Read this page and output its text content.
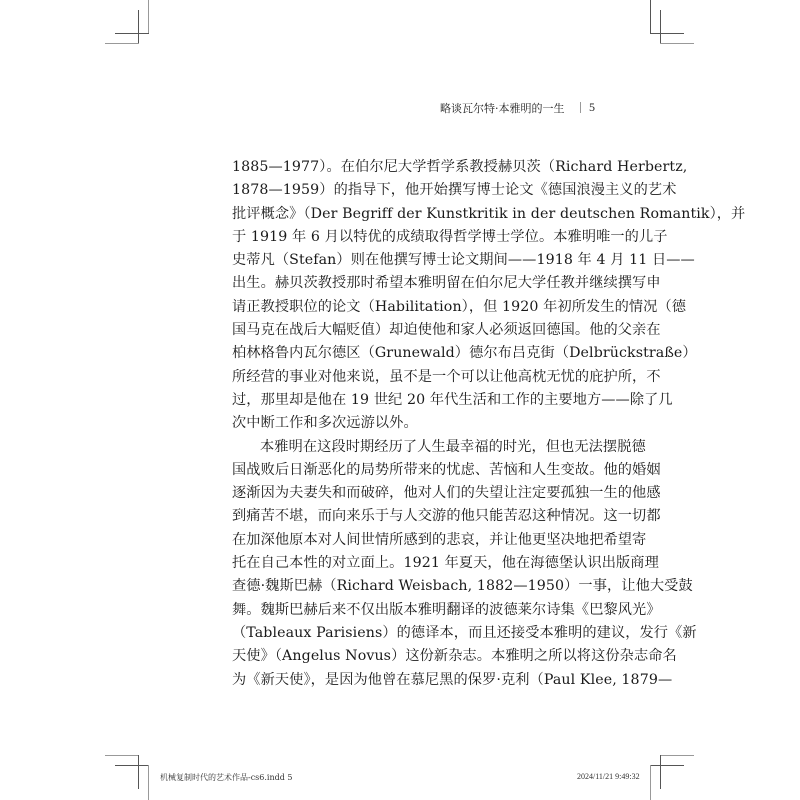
略谈瓦尔特·本雅明的一生 5
1885—1977）。在伯尔尼大学哲学系教授赫贝茨（Richard Herbertz,
1878—1959）的指导下，他开始撰写博士论文《德国浪漫主义的艺术
批评概念》（Der Begriff der Kunstkritik in der deutschen Romantik），并
于 1919 年 6 月以特优的成绩取得哲学博士学位。本雅明唯一的儿子
史蒂凡（Stefan）则在他撰写博士论文期间——1918 年 4 月 11 日——
出生。赫贝茨教授那时希望本雅明留在伯尔尼大学任教并继续撰写申
请正教授职位的论文（Habilitation），但 1920 年初所发生的情况（德
国马克在战后大幅贬值）却迫使他和家人必须返回德国。他的父亲在
柏林格鲁内瓦尔德区（Grunewald）德尔布吕克街（Delbrückstraße）
所经营的事业对他来说，虽不是一个可以让他高枕无忧的庇护所，不
过，那里却是他在 19 世纪 20 年代生活和工作的主要地方——除了几
次中断工作和多次远游以外。
本雅明在这段时期经历了人生最幸福的时光，但也无法摆脱德
国战败后日渐恶化的局势所带来的忧虑、苦恼和人生变故。他的婚姻
逐渐因为夫妻失和而破碎，他对人们的失望让注定要孤独一生的他感
到痛苦不堪，而向来乐于与人交游的他只能苦忍这种情况。这一切都
在加深他原本对人间世情所感到的悲哀，并让他更坚决地把希望寄
托在自己本性的对立面上。1921 年夏天，他在海德堡认识出版商理
查德·魏斯巴赫（Richard Weisbach, 1882—1950）一事，让他大受鼓
舞。魏斯巴赫后来不仅出版本雅明翻译的波德莱尔诗集《巴黎风光》
（Tableaux Parisiens）的德译本，而且还接受本雅明的建议，发行《新
天使》（Angelus Novus）这份新杂志。本雅明之所以将这份杂志命名
为《新天使》，是因为他曾在慕尼黑的保罗·克利（Paul Klee, 1879—
机械复制时代的艺术作品-cs6.indd 5	2024/11/21 9:49:32
